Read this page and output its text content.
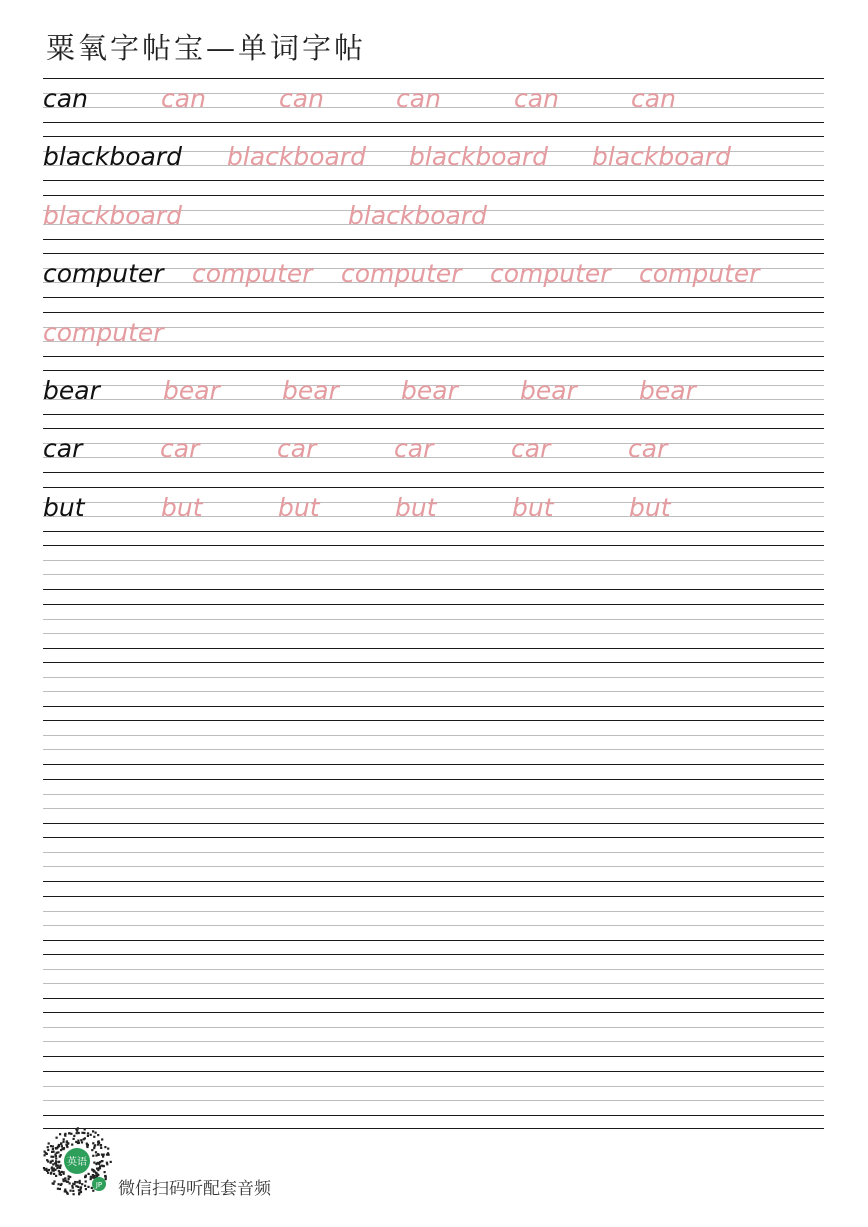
粟氧字帖宝—单词字帖
can	can	can	can	can	can
blackboard blackboard blackboard blackboard
blackboard	blackboard
computer computer computer computer computer
computer
bear	bear bear bear bear bear
car	car	car	car	car	car
but	but	but	but	but	but
英语
JP 微信扫码听配套音频
